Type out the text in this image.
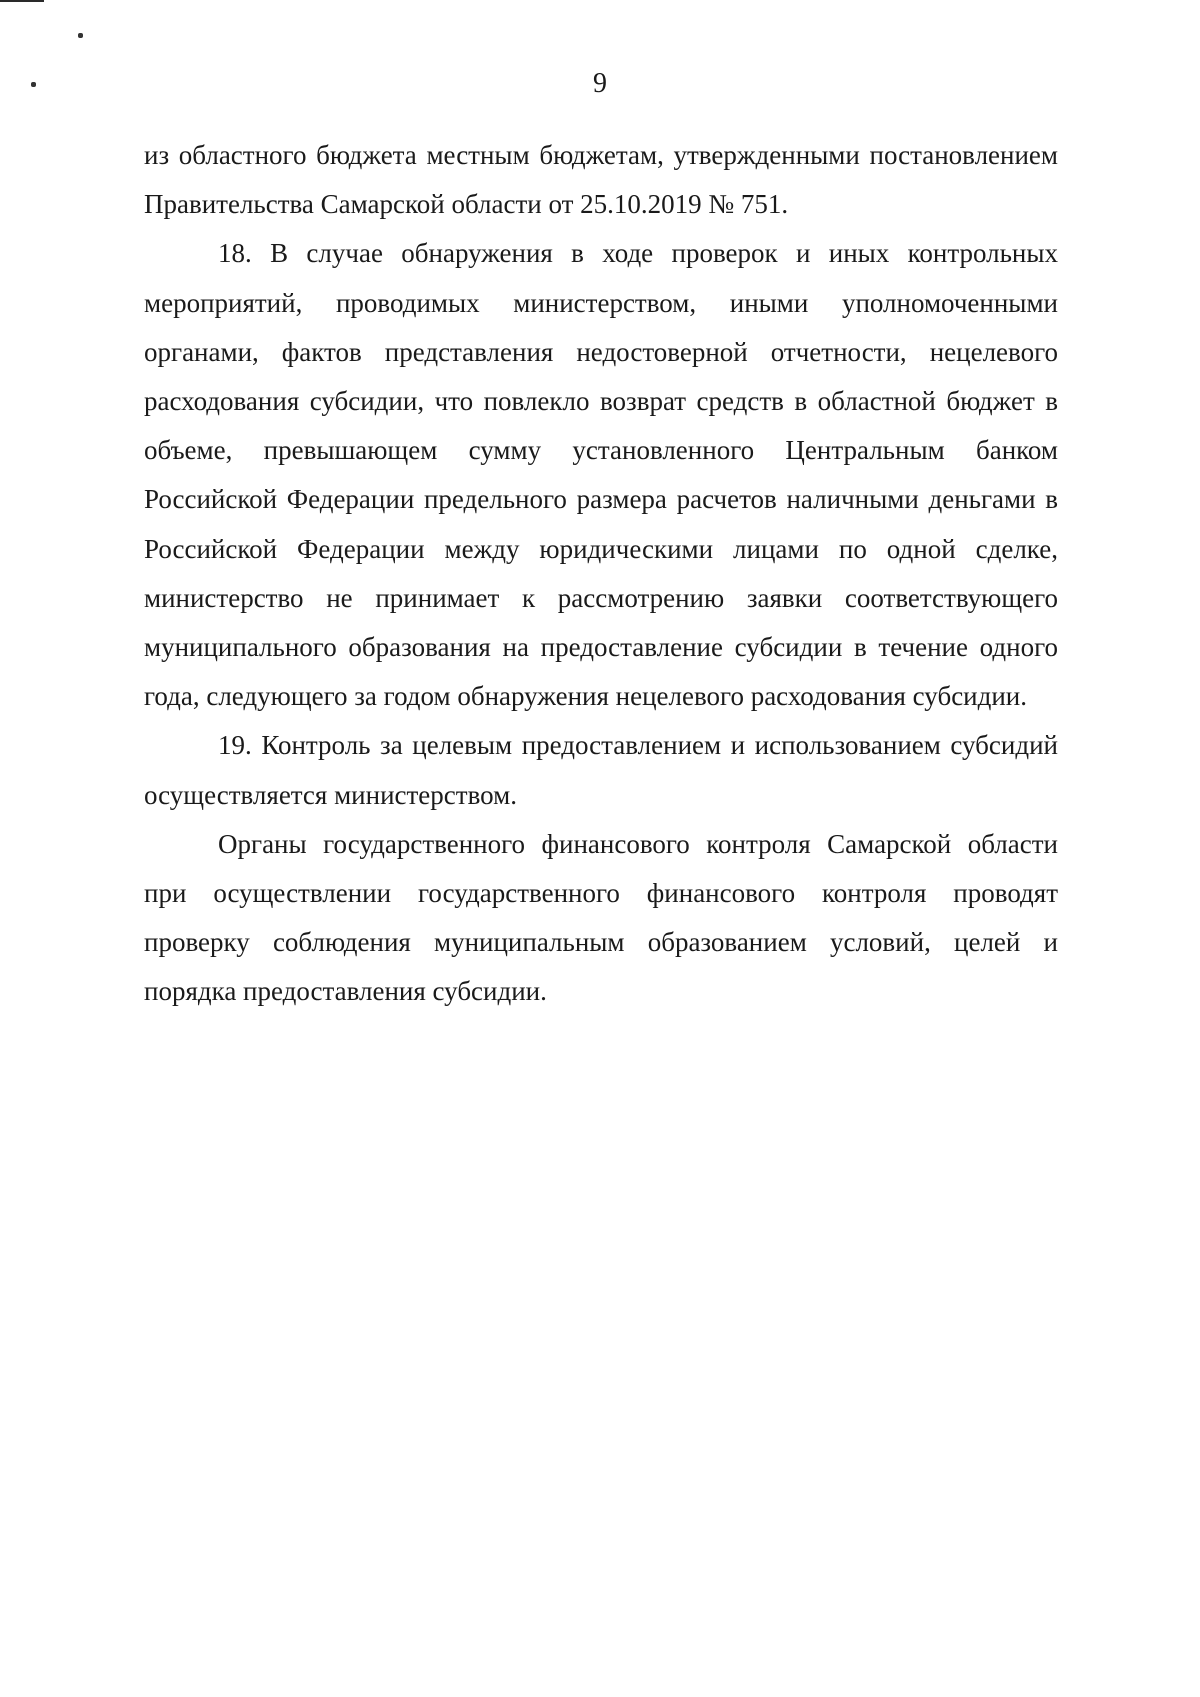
9

из областного бюджета местным бюджетам, утвержденными постановлением Правительства Самарской области от 25.10.2019 № 751.

18. В случае обнаружения в ходе проверок и иных контрольных мероприятий, проводимых министерством, иными уполномоченными органами, фактов представления недостоверной отчетности, нецелевого расходования субсидии, что повлекло возврат средств в областной бюджет в объеме, превышающем сумму установленного Центральным банком Российской Федерации предельного размера расчетов наличными деньгами в Российской Федерации между юридическими лицами по одной сделке, министерство не принимает к рассмотрению заявки соответствующего муниципального образования на предоставление субсидии в течение одного года, следующего за годом обнаружения нецелевого расходования субсидии.

19. Контроль за целевым предоставлением и использованием субсидий осуществляется министерством.

Органы государственного финансового контроля Самарской области при осуществлении государственного финансового контроля проводят проверку соблюдения муниципальным образованием условий, целей и порядка предоставления субсидии.
